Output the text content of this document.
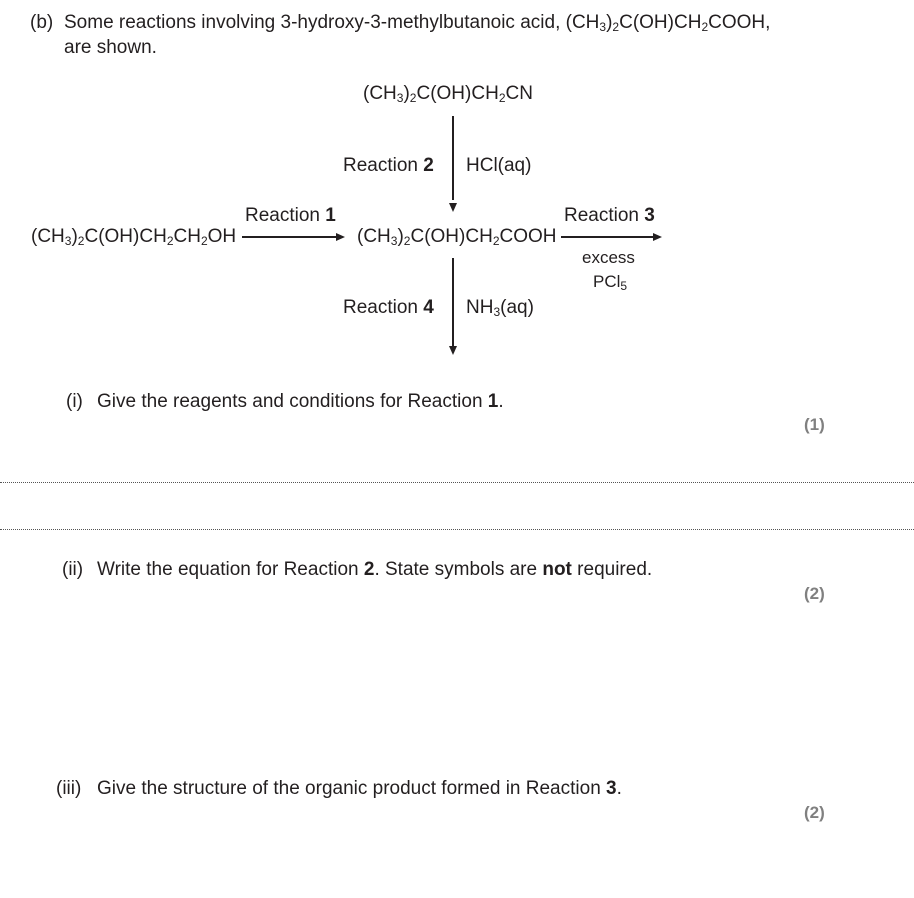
(b) Some reactions involving 3-hydroxy-3-methylbutanoic acid, $(CH_3)_2C(OH)CH_2COOH$,
are shown.
$(CH_3)_2C(OH)CH_2CN$
Reaction 2 HCl(aq)
$(CH_3)_2C(OH)CH_2CH_2OH$
Reaction 1
$(CH_3)_2C(OH)CH_2COOH$
Reaction 3
excess
PCl$_5$
Reaction 4 $NH_3(aq)$
(i) Give the reagents and conditions for Reaction 1.
(1)
(ii) Write the equation for Reaction 2. State symbols are not required.
(2)
(iii) Give the structure of the organic product formed in Reaction 3.
(2)
